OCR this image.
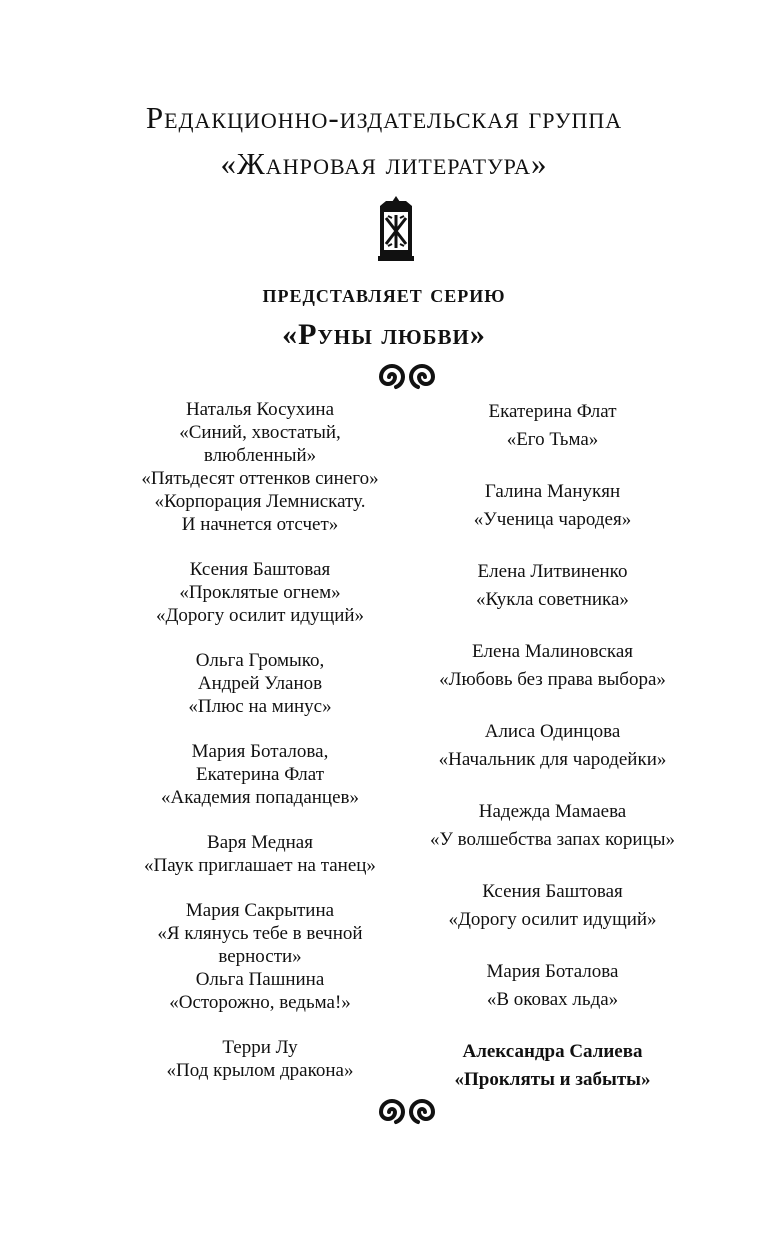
Редакционно-издательская группа
«Жанровая литература»
представляет серию
«Руны любви»
Наталья Косухина
«Синий, хвостатый,
влюбленный»
«Пятьдесят оттенков синего»
«Корпорация Лемнискату.
И начнется отсчет»
Ксения Баштовая
«Проклятые огнем»
«Дорогу осилит идущий»
Ольга Громыко,
Андрей Уланов
«Плюс на минус»
Мария Боталова,
Екатерина Флат
«Академия попаданцев»
Варя Медная
«Паук приглашает на танец»
Мария Сакрытина
«Я клянусь тебе в вечной
верности»
Ольга Пашнина
«Осторожно, ведьма!»
Терри Лу
«Под крылом дракона»
Екатерина Флат
«Его Тьма»
Галина Манукян
«Ученица чародея»
Елена Литвиненко
«Кукла советника»
Елена Малиновская
«Любовь без права выбора»
Алиса Одинцова
«Начальник для чародейки»
Надежда Мамаева
«У волшебства запах корицы»
Ксения Баштовая
«Дорогу осилит идущий»
Мария Боталова
«В оковах льда»
Александра Салиева
«Прокляты и забыты»
